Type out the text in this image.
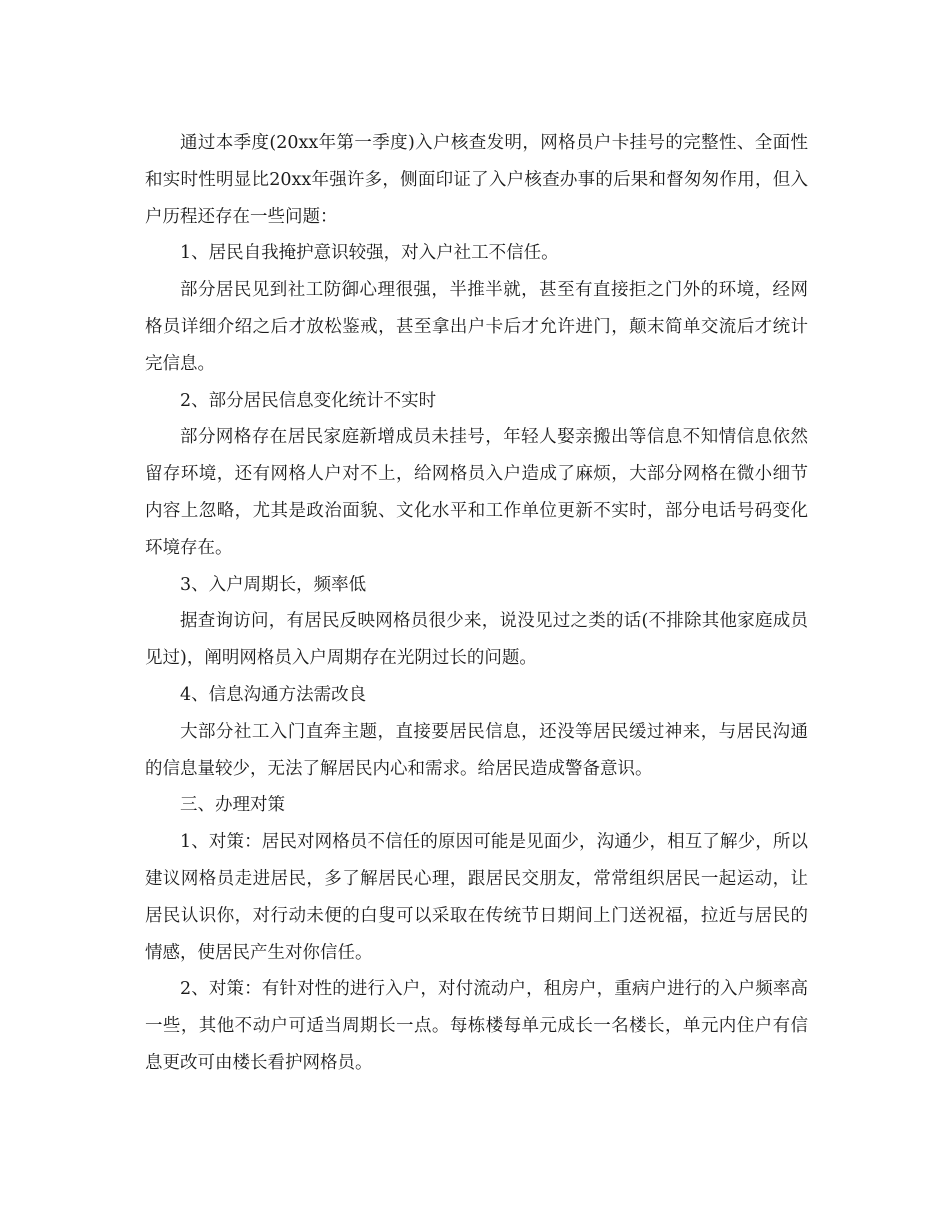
通过本季度(20xx年第一季度)入户核查发明，网格员户卡挂号的完整性、全面性和实时性明显比20xx年强许多，侧面印证了入户核查办事的后果和督匆匆作用，但入户历程还存在一些问题：

1、居民自我掩护意识较强，对入户社工不信任。

部分居民见到社工防御心理很强，半推半就，甚至有直接拒之门外的环境，经网格员详细介绍之后才放松鉴戒，甚至拿出户卡后才允许进门，颠末简单交流后才统计完信息。

2、部分居民信息变化统计不实时

部分网格存在居民家庭新增成员未挂号，年轻人娶亲搬出等信息不知情信息依然留存环境，还有网格人户对不上，给网格员入户造成了麻烦，大部分网格在微小细节内容上忽略，尤其是政治面貌、文化水平和工作单位更新不实时，部分电话号码变化环境存在。

3、入户周期长，频率低

据查询访问，有居民反映网格员很少来，说没见过之类的话(不排除其他家庭成员见过)，阐明网格员入户周期存在光阴过长的问题。

4、信息沟通方法需改良

大部分社工入门直奔主题，直接要居民信息，还没等居民缓过神来，与居民沟通的信息量较少，无法了解居民内心和需求。给居民造成警备意识。

三、办理对策

1、对策：居民对网格员不信任的原因可能是见面少，沟通少，相互了解少，所以建议网格员走进居民，多了解居民心理，跟居民交朋友，常常组织居民一起运动，让居民认识你，对行动未便的白叟可以采取在传统节日期间上门送祝福，拉近与居民的情感，使居民产生对你信任。

2、对策：有针对性的进行入户，对付流动户，租房户，重病户进行的入户频率高一些，其他不动户可适当周期长一点。每栋楼每单元成长一名楼长，单元内住户有信息更改可由楼长看护网格员。
